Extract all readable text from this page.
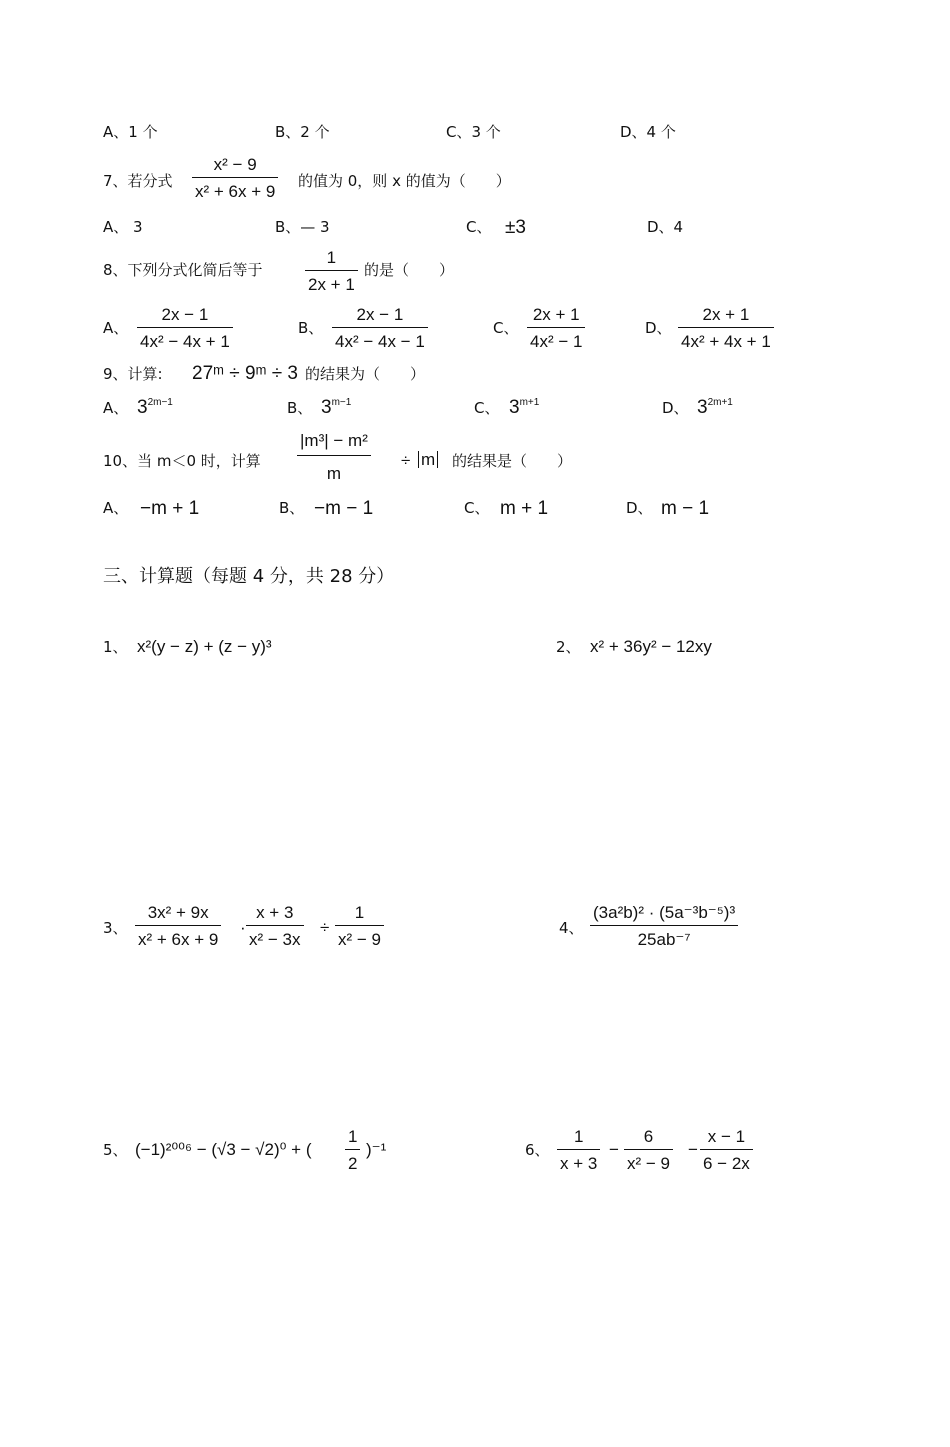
A、1 个	B、2 个	C、3 个	D、4 个
7、若分式 $\frac{\text{x² − 9}}{\text{x² + 6x + 9}}$ 的值为 0，则 x 的值为（　　）
A、 3	B、— 3	C、 ±3	D、4
8、下列分式化简后等于 $\frac{1}{2x + 1}$ 的是（　　）
A、 $\frac{2x - 1}{\text{4x² − 4x + 1}}$	B、 $\frac{2x - 1}{\text{4x² − 4x − 1}}$	C、 $\frac{2x + 1}{\text{4x² − 1}}$	D、 $\frac{2x + 1}{\text{4x² + 4x + 1}}$
9、计算: 27ᵐ ÷ 9ᵐ ÷ 3 的结果为（　　）
A、 $3^{2m-1}$	B、 $3^{m-1}$	C、 $3^{m+1}$	D、 $3^{2m+1}$
10、当 m＜0 时，计算 $\frac{\text{|m³| − m²}}{m} \div m$ 的结果是（　　）
A、 −m + 1	B、 −m − 1	C、 m + 1	D、 m − 1
三、计算题（每题 4 分，共 28 分）
1、 x²(y − z) + (z − y)³	2、 x² + 36y² − 12xy
3、 $\frac{\text{3x² + 9x}}{\text{x² + 6x + 9}} \cdot \frac{x + 3}{\text{x² − 3x}} \div \frac{1}{\text{x² − 9}}$	4、 $\frac{\text{(3a²b)² · (5a⁻³b⁻⁵)³}}{\text{25ab⁻⁷}}$
5、 (−1)²⁰⁰⁶ − (√3 − √2)⁰ + ( $\frac{1}{2} )^{-1}$	6、 $\frac{1}{x + 3} - \frac{6}{\text{x² − 9}} - \frac{x - 1}{6 - 2x}$
